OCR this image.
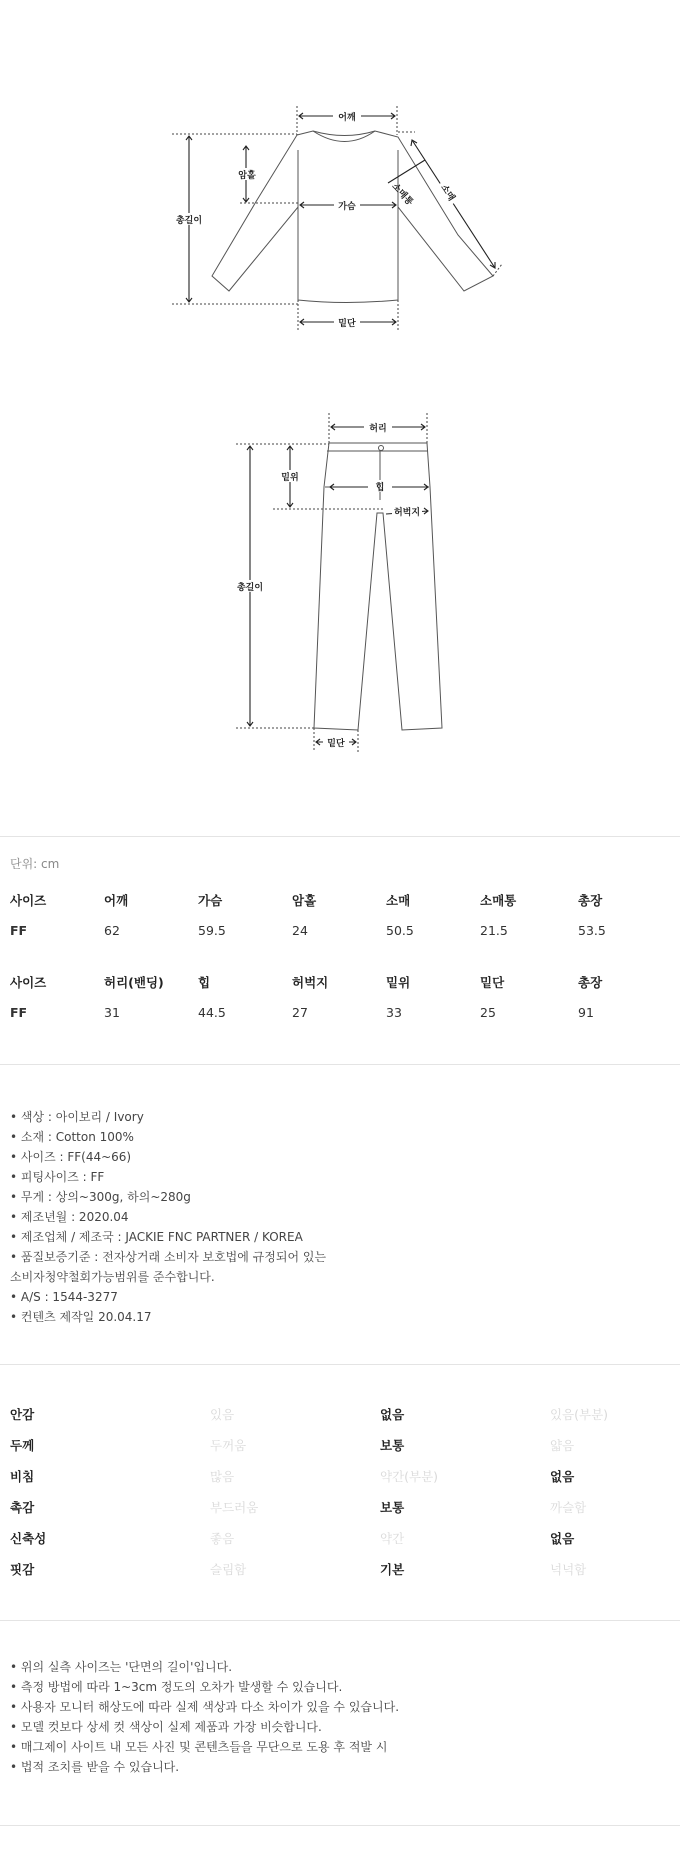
어깨
암홀
총길이
가슴
밑단
소매통	소매
허리
밑위
총길이
힙
허벅지
밑단
단위: cm
사이즈	어깨	가슴	암홀	소매	소매통	총장
FF	62	59.5	24	50.5	21.5	53.5
사이즈	허리(밴딩)	힙	허벅지	밑위	밑단	총장
FF	31	44.5	27	33	25	91
• 색상 : 아이보리 / Ivory
• 소재 : Cotton 100%
• 사이즈 : FF(44~66)
• 피팅사이즈 : FF
• 무게 : 상의~300g, 하의~280g
• 제조년월 : 2020.04
• 제조업체 / 제조국 : JACKIE FNC PARTNER / KOREA
• 품질보증기준 : 전자상거래 소비자 보호법에 규정되어 있는
소비자청약철회가능범위를 준수합니다.
• A/S : 1544-3277
• 컨텐츠 제작일 20.04.17
안감	있음	없음	있음(부분)
두께	두꺼움	보통	얇음
비침	많음	약간(부분)	없음
촉감	부드러움	보통	까슬함
신축성	좋음	약간	없음
핏감	슬림함	기본	넉넉함
• 위의 실측 사이즈는 '단면의 길이'입니다.
• 측정 방법에 따라 1~3cm 정도의 오차가 발생할 수 있습니다.
• 사용자 모니터 해상도에 따라 실제 색상과 다소 차이가 있을 수 있습니다.
• 모델 컷보다 상세 컷 색상이 실제 제품과 가장 비슷합니다.
• 매그제이 사이트 내 모든 사진 및 콘텐츠들을 무단으로 도용 후 적발 시
• 법적 조치를 받을 수 있습니다.
